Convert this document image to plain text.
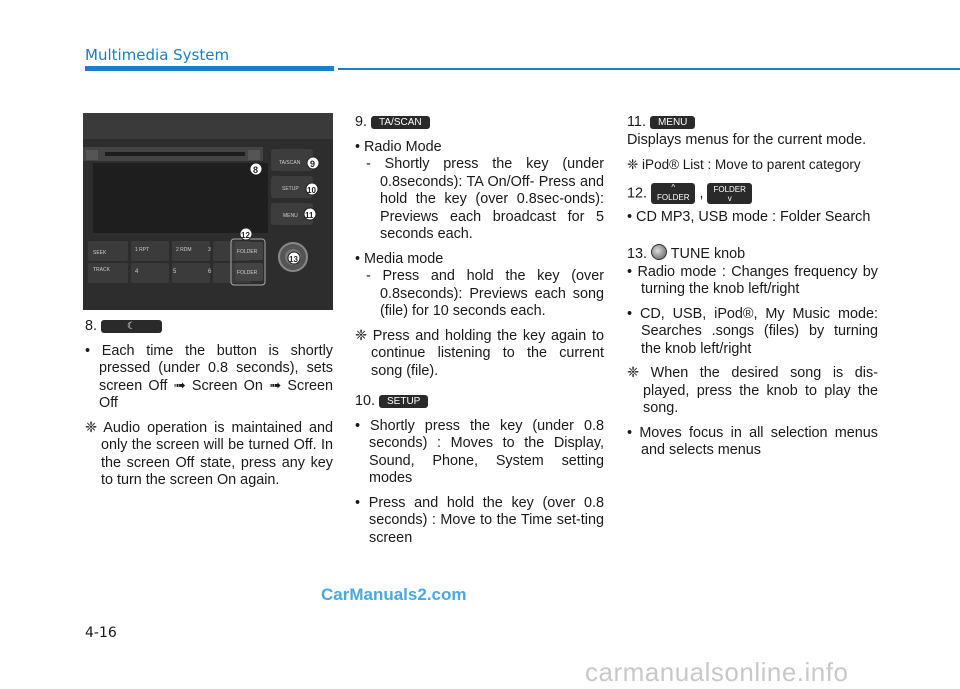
Multimedia System
TA/SCAN
SETUP
MENU
FOLDER
FOLDER
SEEK	1 RPT	2 RDM	3
TRACK	4	5	6
8
9
10
11
12
13

8.	☾

• Each time the button is shortly pressed (under 0.8 seconds), sets screen Off ➟ Screen On ➟ Screen Off

❈ Audio operation is maintained and only the screen will be turned Off. In the screen Off state, press any key to turn the screen On again.

9. TA/SCAN

• Radio Mode

- Shortly press the key (under 0.8seconds): TA On/Off- Press and hold the key (over 0.8sec-onds): Previews each broadcast for 5 seconds each.

• Media mode

- Press and hold the key (over 0.8seconds): Previews each song (file) for 10 seconds each.

❈ Press and holding the key again to continue listening to the current song (file).

10. SETUP

• Shortly press the key (under 0.8 seconds) : Moves to the Display, Sound, Phone, System setting modes

• Press and hold the key (over 0.8 seconds) : Move to the Time set-ting screen

11. MENU

Displays menus for the current mode.

❈ iPod® List : Move to parent category

12.	^
FOLDER , FOLDER
v

• CD MP3, USB mode : Folder Search

13. TUNE knob

• Radio mode : Changes frequency by turning the knob left/right

• CD, USB, iPod®, My Music mode: Searches .songs (files) by turning the knob left/right

❈ When the desired song is dis-played, press the knob to play the song.

• Moves focus in all selection menus and selects menus

CarManuals2.com
4-16
carmanualsonline.info
